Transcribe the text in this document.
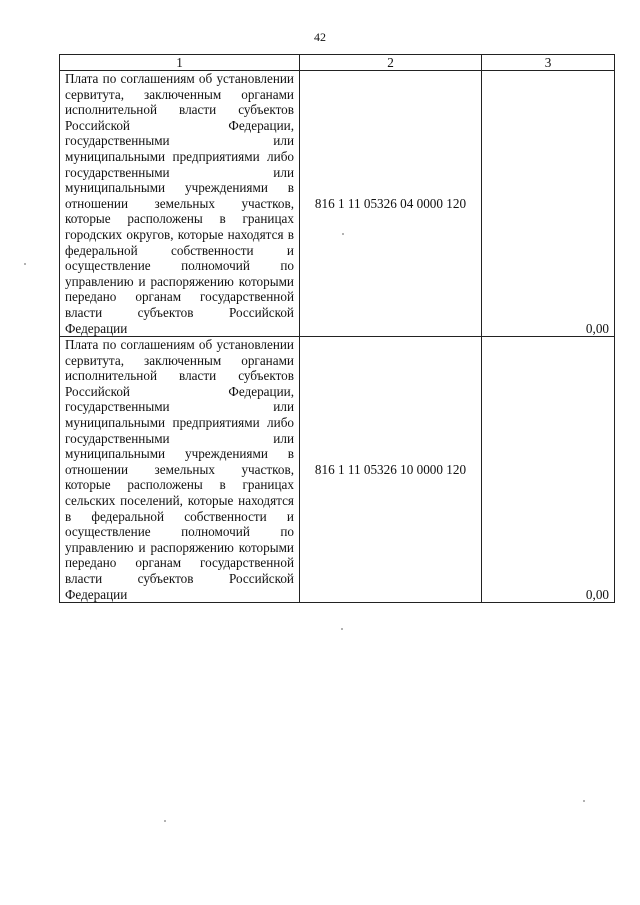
42
1	2	3
Плата по соглашениям об установлении сервитута, заключенным органами исполнительной власти субъектов Российской Федерации, государственными или муниципальными предприятиями либо государственными или муниципальными учреждениями в отношении земельных участков, которые расположены в границах городских округов, которые находятся в федеральной собственности и осуществление полномочий по управлению и распоряжению которыми передано органам государственной власти субъектов Российской Федерации	816 1 11 05326 04 0000 120	0,00
Плата по соглашениям об установлении сервитута, заключенным органами исполнительной власти субъектов Российской Федерации, государственными или муниципальными предприятиями либо государственными или муниципальными учреждениями в отношении земельных участков, которые расположены в границах сельских поселений, которые находятся в федеральной собственности и осуществление полномочий по управлению и распоряжению которыми передано органам государственной власти субъектов Российской Федерации	816 1 11 05326 10 0000 120	0,00
